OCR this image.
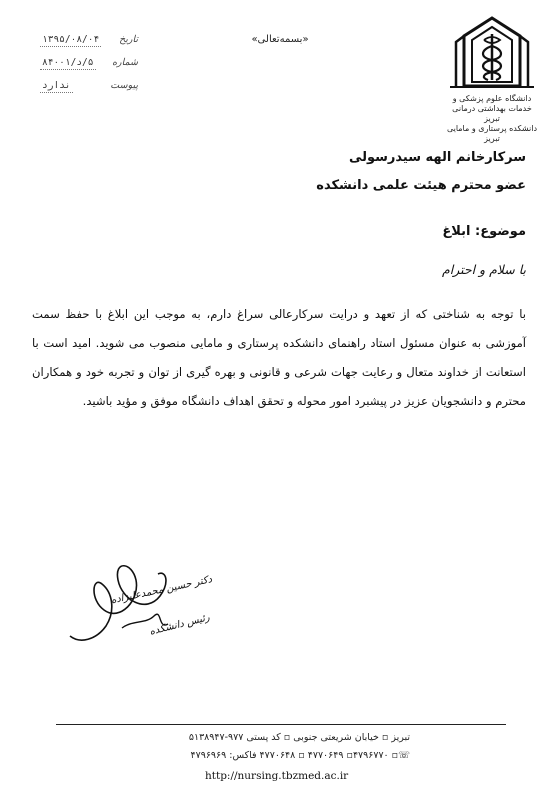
تاریخ
۱۳۹۵/۰۸/۰۴
شماره
۵/د/۸۴۰۰۱
پیوست
ندارد
«بسمه‌تعالی»
دانشگاه علوم پزشکی و
خدمات بهداشتی درمانی تبریز
دانشکده پرستاری و مامایی تبریز
سرکارخانم الهه سیدرسولی
عضو محترم هیئت علمی دانشکده
موضوع: ابلاغ
با سلام و احترام
با توجه به شناختی که از تعهد و درایت سرکارعالی سراغ دارم، به موجب این ابلاغ با حفظ سمت آموزشی به عنوان مسئول استاد راهنمای دانشکده پرستاری و مامایی منصوب می شوید. امید است با استعانت از خداوند متعال و رعایت جهات شرعی و قانونی و بهره گیری از توان و تجربه خود و همکاران محترم و دانشجویان عزیز در پیشبرد امور محوله و تحقق اهداف دانشگاه موفق و مؤید باشید.
دکتر حسین محمدعلیزاده
رئیس دانشکده
تبریز ▫ خیابان شریعتی جنوبی ▫ کد پستی ۹۷۷-۵۱۳۸۹۴۷
☏▫ ۴۷۹۶۷۷۰▫ ۴۷۷۰۶۴۹ ▫ ۴۷۷۰۶۴۸ فاکس: ۴۷۹۶۹۶۹
http://nursing.tbzmed.ac.ir
